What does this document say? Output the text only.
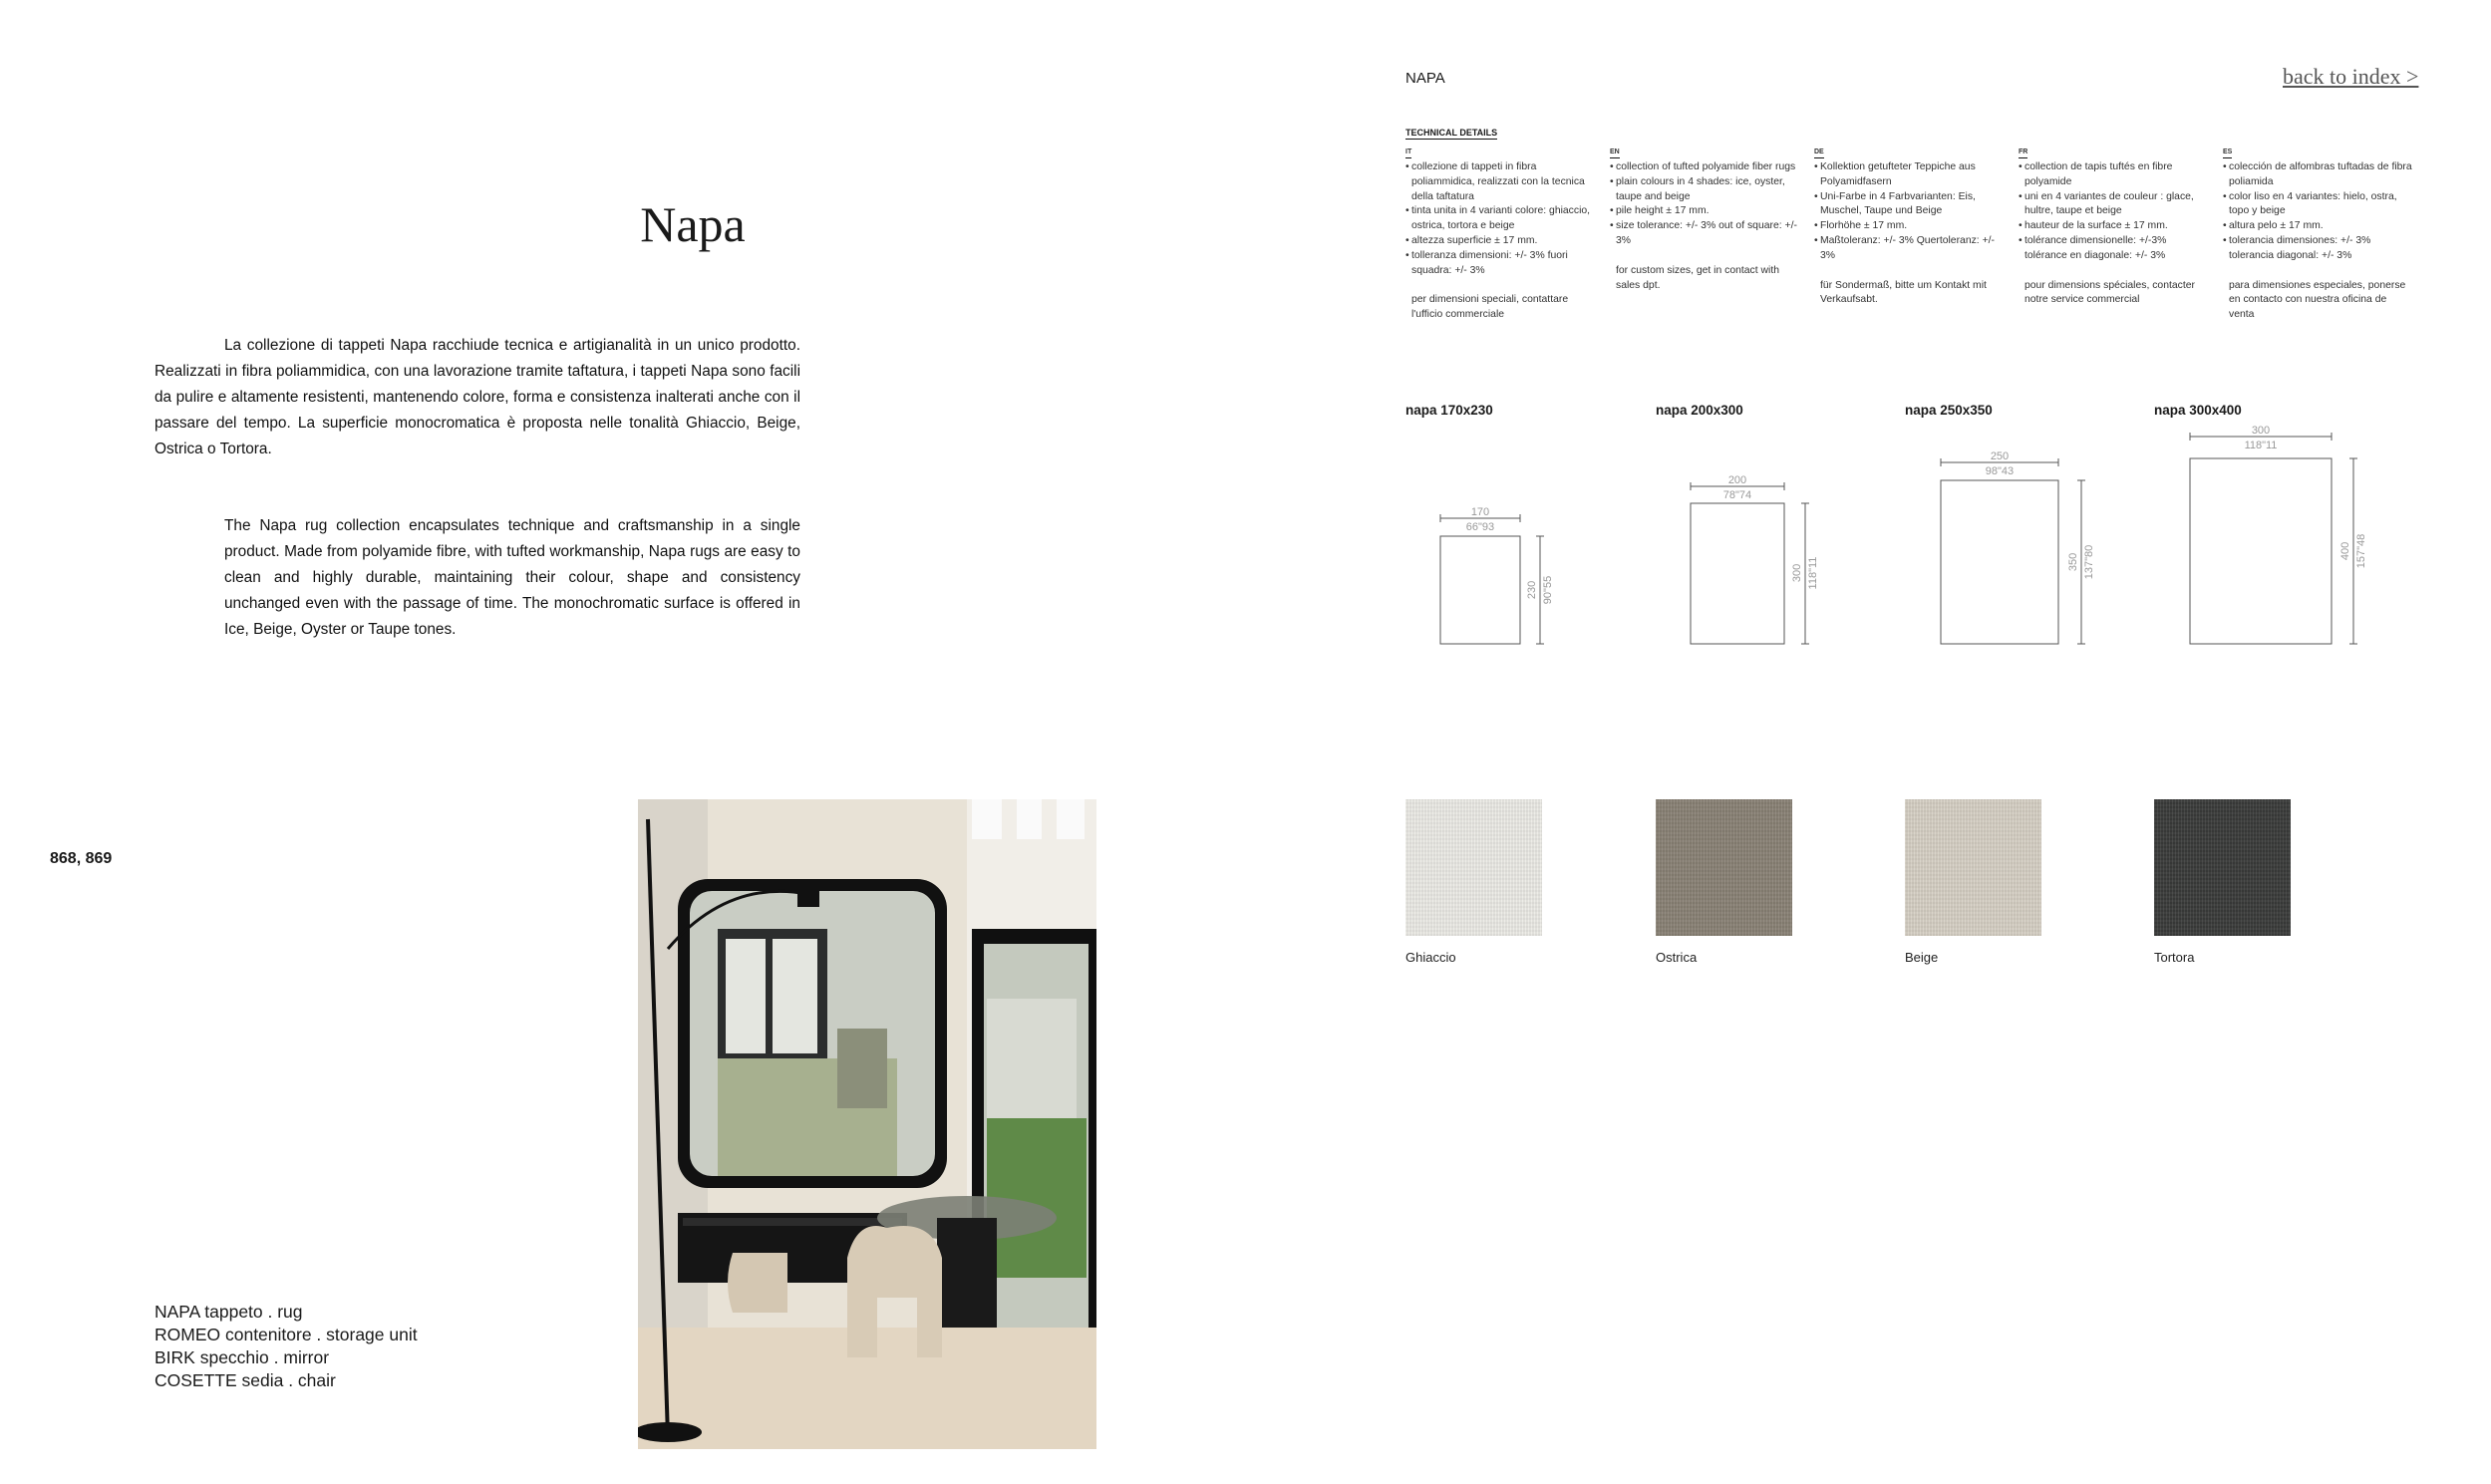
Napa

La collezione di tappeti Napa racchiude tecnica e artigianalità in un unico prodotto. Realizzati in fibra poliammidica, con una lavorazione tramite taftatura, i tappeti Napa sono facili da pulire e altamente resistenti, mantenendo colore, forma e consistenza inalterati anche con il passare del tempo. La superficie monocromatica è proposta nelle tonalità Ghiaccio, Beige, Ostrica o Tortora.

The Napa rug collection encapsulates technique and craftsmanship in a single product. Made from polyamide fibre, with tufted workmanship, Napa rugs are easy to clean and highly durable, maintaining their colour, shape and consistency unchanged even with the passage of time. The monochromatic surface is offered in Ice, Beige, Oyster or Taupe tones.

868, 869
NAPA tappeto . rug
ROMEO contenitore . storage unit
BIRK specchio . mirror
COSETTE sedia . chair
NAPA	back to index >
TECHNICAL DETAILS
IT
• collezione di tappeti in fibra poliammidica, realizzati con la tecnica della taftatura
• tinta unita in 4 varianti colore: ghiaccio, ostrica, tortora e beige
• altezza superficie ± 17 mm.
• tolleranza dimensioni: +/- 3% fuori squadra: +/- 3%
per dimensioni speciali, contattare l'ufficio commerciale
EN
• collection of tufted polyamide fiber rugs
• plain colours in 4 shades: ice, oyster, taupe and beige
• pile height ± 17 mm.
• size tolerance: +/- 3% out of square: +/- 3%
for custom sizes, get in contact with sales dpt.
DE
• Kollektion getufteter Teppiche aus Polyamidfasern
• Uni-Farbe in 4 Farbvarianten: Eis, Muschel, Taupe und Beige
• Florhöhe ± 17 mm.
• Maßtoleranz: +/- 3% Quertoleranz: +/- 3%
für Sondermaß, bitte um Kontakt mit Verkaufsabt.
FR
• collection de tapis tuftés en fibre polyamide
• uni en 4 variantes de couleur : glace, hultre, taupe et beige
• hauteur de la surface ± 17 mm.
• tolérance dimensionelle: +/-3% tolérance en diagonale: +/- 3%
pour dimensions spéciales, contacter notre service commercial
ES
• colección de alfombras tuftadas de fibra poliamida
• color liso en 4 variantes: hielo, ostra, topo y beige
• altura pelo ± 17 mm.
• tolerancia dimensiones: +/- 3% tolerancia diagonal: +/- 3%
para dimensiones especiales, ponerse en contacto con nuestra oficina de venta
napa 170x230	napa 200x300	napa 250x350	napa 300x400
170
66"93
200
78"74
250
98"43
300
118"11
230 90"55
300 118"11	350 137"80	400 157"48
Ghiaccio	Ostrica	Beige	Tortora
